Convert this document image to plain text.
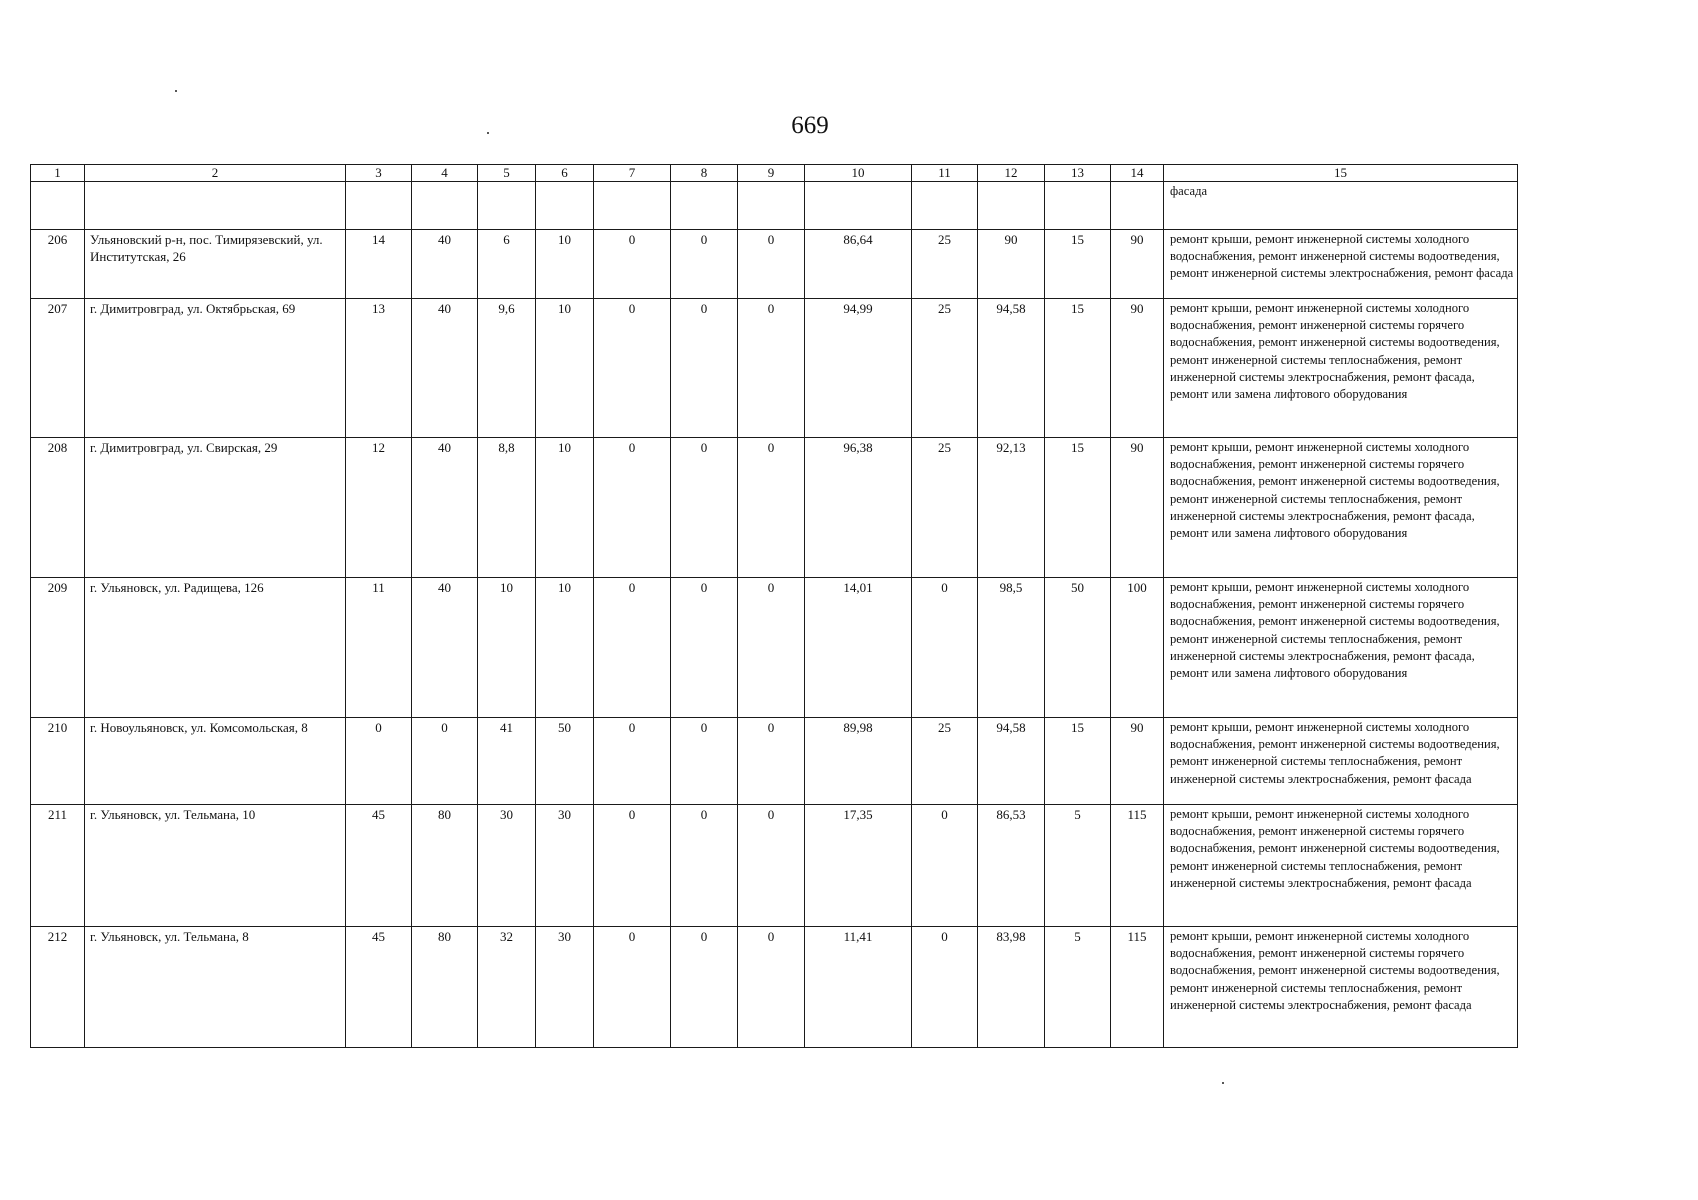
669
1	2	3	4	5	6	7	8	9	10	11	12	13	14	15
														фасада
206	Ульяновский р-н, пос. Тимирязевский, ул. Институтская, 26	14	40	6	10	0	0	0	86,64	25	90	15	90	ремонт крыши, ремонт инженерной системы холодного водоснабжения, ремонт инженерной системы водоотведения, ремонт инженерной системы электроснабжения, ремонт фасада
207	г. Димитровград, ул. Октябрьская, 69	13	40	9,6	10	0	0	0	94,99	25	94,58	15	90	ремонт крыши, ремонт инженерной системы холодного водоснабжения, ремонт инженерной системы горячего водоснабжения, ремонт инженерной системы водоотведения, ремонт инженерной системы теплоснабжения, ремонт инженерной системы электроснабжения, ремонт фасада, ремонт или замена лифтового оборудования
208	г. Димитровград, ул. Свирская, 29	12	40	8,8	10	0	0	0	96,38	25	92,13	15	90	ремонт крыши, ремонт инженерной системы холодного водоснабжения, ремонт инженерной системы горячего водоснабжения, ремонт инженерной системы водоотведения, ремонт инженерной системы теплоснабжения, ремонт инженерной системы электроснабжения, ремонт фасада, ремонт или замена лифтового оборудования
209	г. Ульяновск, ул. Радищева, 126	11	40	10	10	0	0	0	14,01	0	98,5	50	100	ремонт крыши, ремонт инженерной системы холодного водоснабжения, ремонт инженерной системы горячего водоснабжения, ремонт инженерной системы водоотведения, ремонт инженерной системы теплоснабжения, ремонт инженерной системы электроснабжения, ремонт фасада, ремонт или замена лифтового оборудования
210	г. Новоульяновск, ул. Комсомольская, 8	0	0	41	50	0	0	0	89,98	25	94,58	15	90	ремонт крыши, ремонт инженерной системы холодного водоснабжения, ремонт инженерной системы водоотведения, ремонт инженерной системы теплоснабжения, ремонт инженерной системы электроснабжения, ремонт фасада
211	г. Ульяновск, ул. Тельмана, 10	45	80	30	30	0	0	0	17,35	0	86,53	5	115	ремонт крыши, ремонт инженерной системы холодного водоснабжения, ремонт инженерной системы горячего водоснабжения, ремонт инженерной системы водоотведения, ремонт инженерной системы теплоснабжения, ремонт инженерной системы электроснабжения, ремонт фасада
212	г. Ульяновск, ул. Тельмана, 8	45	80	32	30	0	0	0	11,41	0	83,98	5	115	ремонт крыши, ремонт инженерной системы холодного водоснабжения, ремонт инженерной системы горячего водоснабжения, ремонт инженерной системы водоотведения, ремонт инженерной системы теплоснабжения, ремонт инженерной системы электроснабжения, ремонт фасада
